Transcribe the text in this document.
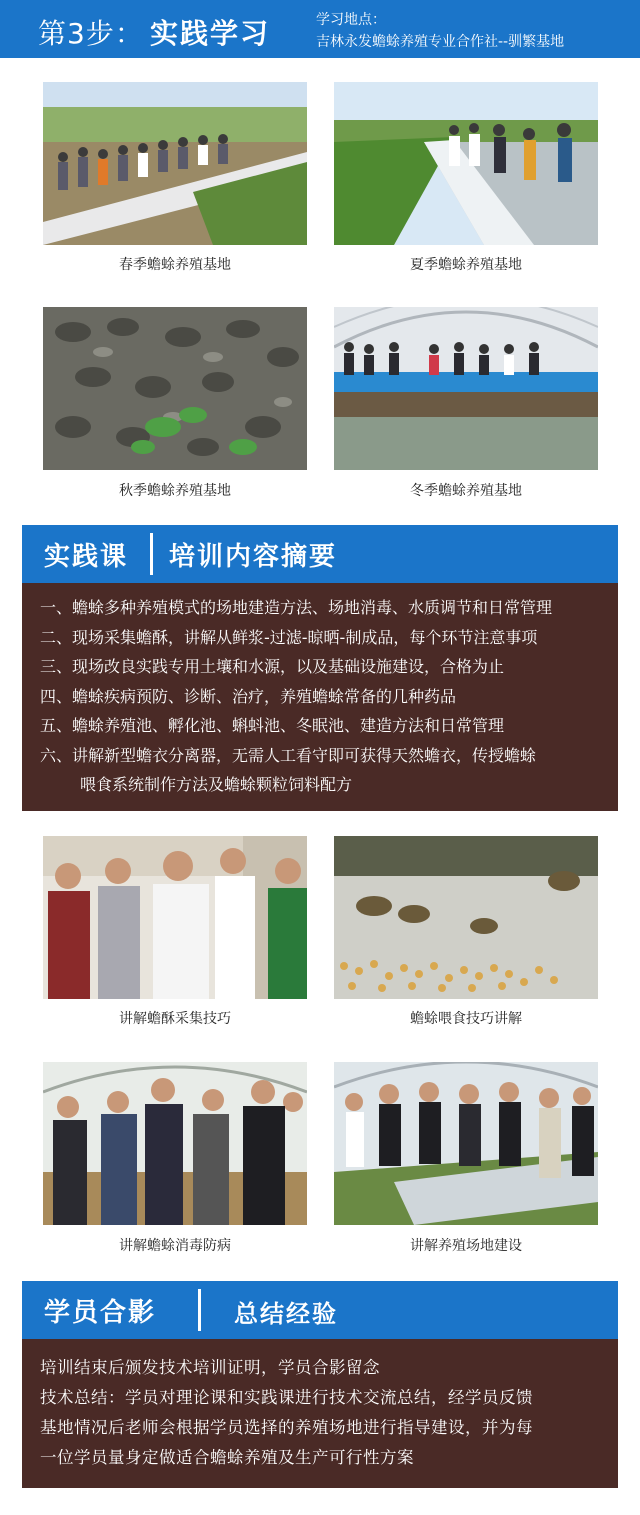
第3步： 实践学习	学习地点：
吉林永发蟾蜍养殖专业合作社--驯繁基地
春季蟾蜍养殖基地	夏季蟾蜍养殖基地
秋季蟾蜍养殖基地	冬季蟾蜍养殖基地
实践课 培训内容摘要
一、蟾蜍多种养殖模式的场地建造方法、场地消毒、水质调节和日常管理
二、现场采集蟾酥，讲解从鲜浆-过滤-晾晒-制成品，每个环节注意事项
三、现场改良实践专用土壤和水源，以及基础设施建设，合格为止
四、蟾蜍疾病预防、诊断、治疗，养殖蟾蜍常备的几种药品
五、蟾蜍养殖池、孵化池、蝌蚪池、冬眠池、建造方法和日常管理
六、讲解新型蟾衣分离器，无需人工看守即可获得天然蟾衣，传授蟾蜍
喂食系统制作方法及蟾蜍颗粒饲料配方
讲解蟾酥采集技巧	蟾蜍喂食技巧讲解
讲解蟾蜍消毒防病	讲解养殖场地建设
学员合影	总结经验
培训结束后颁发技术培训证明，学员合影留念
技术总结：学员对理论课和实践课进行技术交流总结，经学员反馈
基地情况后老师会根据学员选择的养殖场地进行指导建设，并为每
一位学员量身定做适合蟾蜍养殖及生产可行性方案
